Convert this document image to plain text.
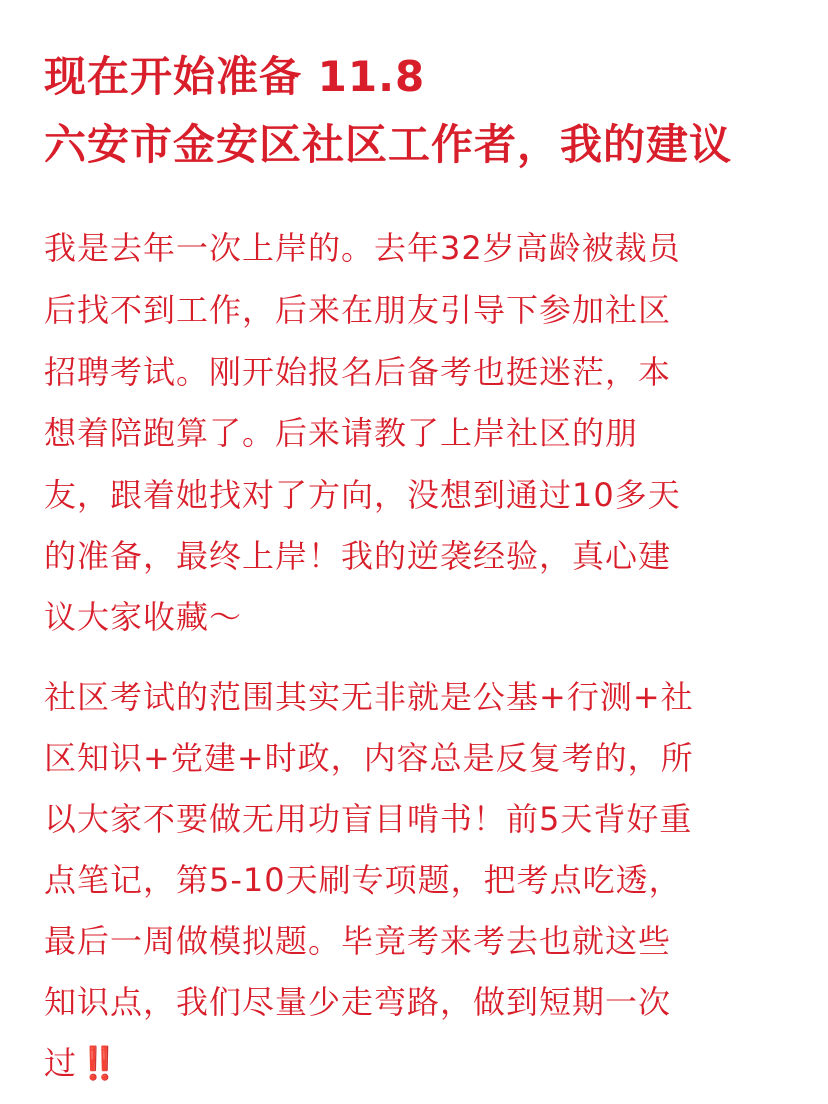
现在开始准备 11.8
六安市金安区社区工作者，我的建议

我是去年一次上岸的。去年32岁高龄被裁员

后找不到工作，后来在朋友引导下参加社区

招聘考试。刚开始报名后备考也挺迷茫，本

想着陪跑算了。后来请教了上岸社区的朋

友，跟着她找对了方向，没想到通过10多天

的准备，最终上岸！我的逆袭经验，真心建

议大家收藏～

社区考试的范围其实无非就是公基+行测+社

区知识+党建+时政，内容总是反复考的，所

以大家不要做无用功盲目啃书！前5天背好重

点笔记，第5-10天刷专项题，把考点吃透，

最后一周做模拟题。毕竟考来考去也就这些

知识点，我们尽量少走弯路，做到短期一次

过‼️
